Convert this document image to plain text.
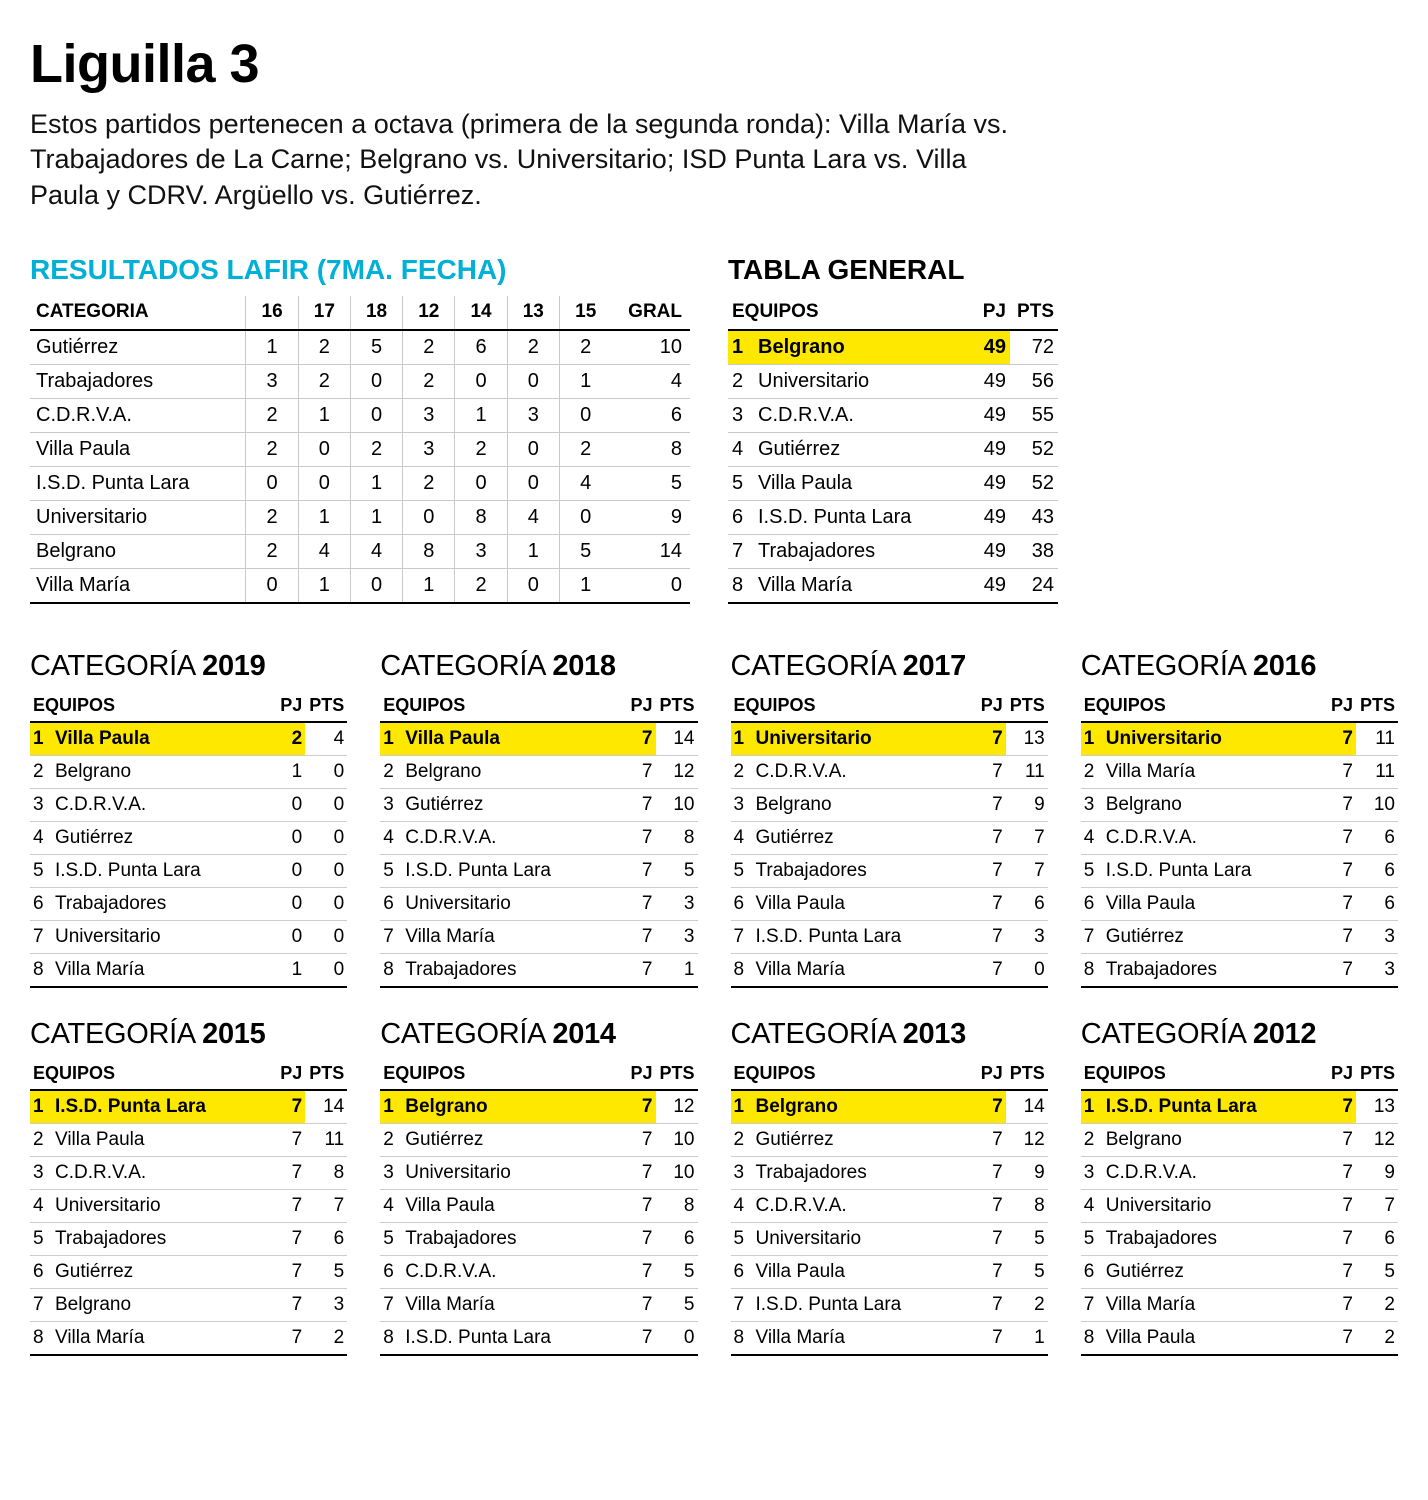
Liguilla 3

Estos partidos pertenecen a octava (primera de la segunda ronda): Villa María vs. Trabajadores de La Carne; Belgrano vs. Universitario; ISD Punta Lara vs. Villa Paula y CDRV. Argüello vs. Gutiérrez.

RESULTADOS LAFIR (7MA. FECHA)
CATEGORIA	16	17	18	12	14	13	15	GRAL
Gutiérrez	1	2	5	2	6	2	2	10
Trabajadores	3	2	0	2	0	0	1	4
C.D.R.V.A.	2	1	0	3	1	3	0	6
Villa Paula	2	0	2	3	2	0	2	8
I.S.D. Punta Lara	0	0	1	2	0	0	4	5
Universitario	2	1	1	0	8	4	0	9
Belgrano	2	4	4	8	3	1	5	14
Villa María	0	1	0	1	2	0	1	0
TABLA GENERAL
EQUIPOS		PJ	PTS
1	Belgrano	49	72
2	Universitario	49	56
3	C.D.R.V.A.	49	55
4	Gutiérrez	49	52
5	Villa Paula	49	52
6	I.S.D. Punta Lara	49	43
7	Trabajadores	49	38
8	Villa María	49	24
CATEGORÍA 2019
EQUIPOS		PJ	PTS
1	Villa Paula	2	4
2	Belgrano	1	0
3	C.D.R.V.A.	0	0
4	Gutiérrez	0	0
5	I.S.D. Punta Lara	0	0
6	Trabajadores	0	0
7	Universitario	0	0
8	Villa María	1	0
CATEGORÍA 2018
EQUIPOS		PJ	PTS
1	Villa Paula	7	14
2	Belgrano	7	12
3	Gutiérrez	7	10
4	C.D.R.V.A.	7	8
5	I.S.D. Punta Lara	7	5
6	Universitario	7	3
7	Villa María	7	3
8	Trabajadores	7	1
CATEGORÍA 2017
EQUIPOS		PJ	PTS
1	Universitario	7	13
2	C.D.R.V.A.	7	11
3	Belgrano	7	9
4	Gutiérrez	7	7
5	Trabajadores	7	7
6	Villa Paula	7	6
7	I.S.D. Punta Lara	7	3
8	Villa María	7	0
CATEGORÍA 2016
EQUIPOS		PJ	PTS
1	Universitario	7	11
2	Villa María	7	11
3	Belgrano	7	10
4	C.D.R.V.A.	7	6
5	I.S.D. Punta Lara	7	6
6	Villa Paula	7	6
7	Gutiérrez	7	3
8	Trabajadores	7	3
CATEGORÍA 2015
EQUIPOS		PJ	PTS
1	I.S.D. Punta Lara	7	14
2	Villa Paula	7	11
3	C.D.R.V.A.	7	8
4	Universitario	7	7
5	Trabajadores	7	6
6	Gutiérrez	7	5
7	Belgrano	7	3
8	Villa María	7	2
CATEGORÍA 2014
EQUIPOS		PJ	PTS
1	Belgrano	7	12
2	Gutiérrez	7	10
3	Universitario	7	10
4	Villa Paula	7	8
5	Trabajadores	7	6
6	C.D.R.V.A.	7	5
7	Villa María	7	5
8	I.S.D. Punta Lara	7	0
CATEGORÍA 2013
EQUIPOS		PJ	PTS
1	Belgrano	7	14
2	Gutiérrez	7	12
3	Trabajadores	7	9
4	C.D.R.V.A.	7	8
5	Universitario	7	5
6	Villa Paula	7	5
7	I.S.D. Punta Lara	7	2
8	Villa María	7	1
CATEGORÍA 2012
EQUIPOS		PJ	PTS
1	I.S.D. Punta Lara	7	13
2	Belgrano	7	12
3	C.D.R.V.A.	7	9
4	Universitario	7	7
5	Trabajadores	7	6
6	Gutiérrez	7	5
7	Villa María	7	2
8	Villa Paula	7	2
